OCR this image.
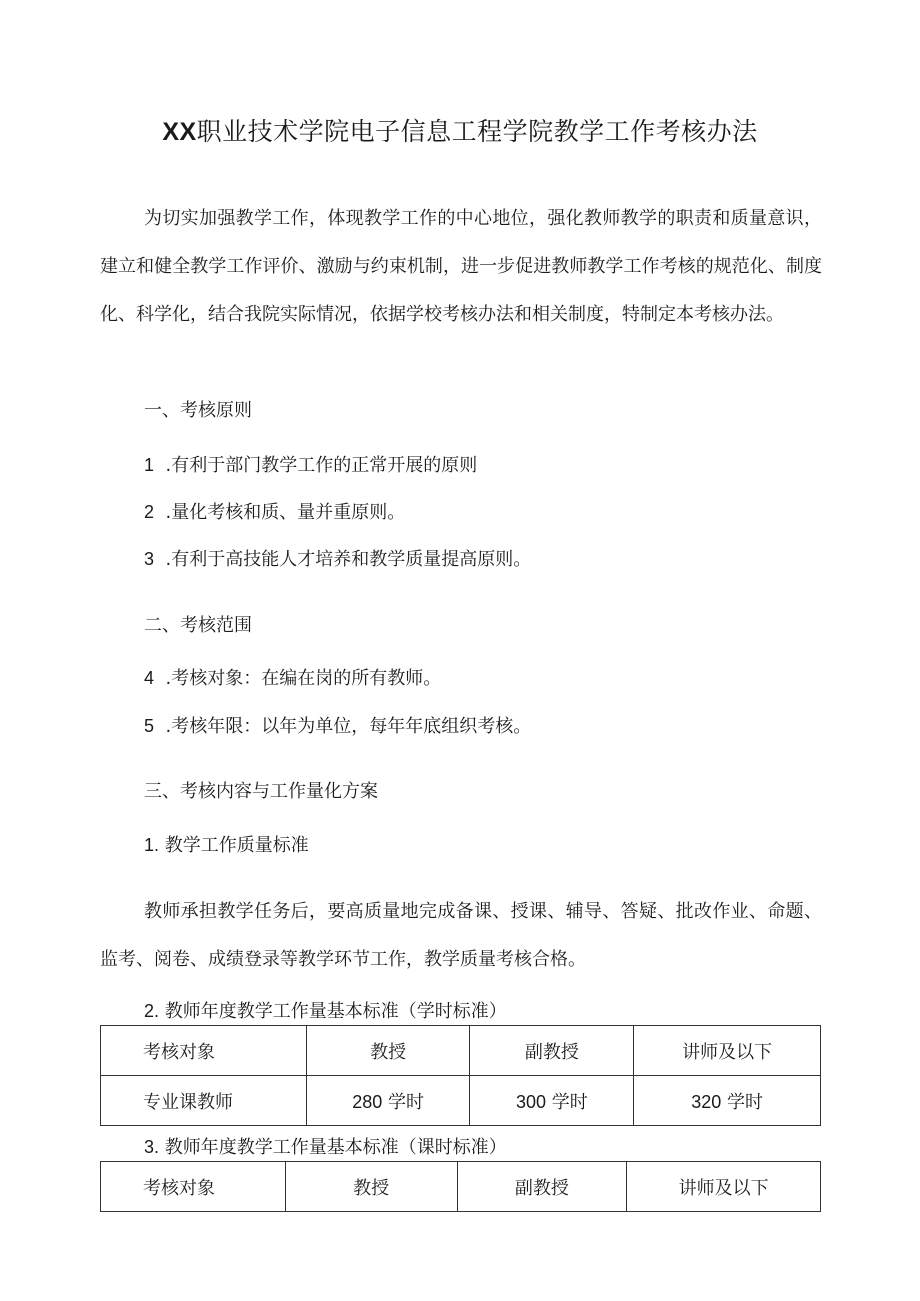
XX职业技术学院电子信息工程学院教学工作考核办法
为切实加强教学工作，体现教学工作的中心地位，强化教师教学的职责和质量意识，建立和健全教学工作评价、激励与约束机制，进一步促进教师教学工作考核的规范化、制度化、科学化，结合我院实际情况，依据学校考核办法和相关制度，特制定本考核办法。
一、考核原则
1 .有利于部门教学工作的正常开展的原则
2 .量化考核和质、量并重原则。
3 .有利于高技能人才培养和教学质量提高原则。
二、考核范围
4 .考核对象：在编在岗的所有教师。
5 .考核年限：以年为单位，每年年底组织考核。
三、考核内容与工作量化方案
1. 教学工作质量标准
教师承担教学任务后，要高质量地完成备课、授课、辅导、答疑、批改作业、命题、监考、阅卷、成绩登录等教学环节工作，教学质量考核合格。
2. 教师年度教学工作量基本标准（学时标准）
考核对象	教授	副教授	讲师及以下
专业课教师	280 学时	300 学时	320 学时
3. 教师年度教学工作量基本标准（课时标准）
考核对象	教授	副教授	讲师及以下
